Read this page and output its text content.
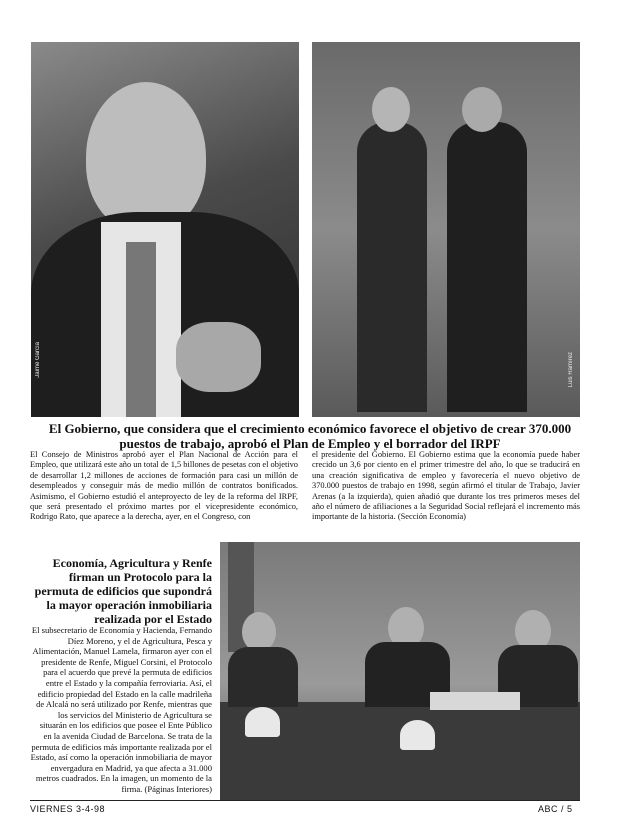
Jaime García	Luis Ramírez
El Gobierno, que considera que el crecimiento económico favorece el objetivo de crear 370.000 puestos de trabajo, aprobó el Plan de Empleo y el borrador del IRPF
El Consejo de Ministros aprobó ayer el Plan Nacional de Acción para el Empleo, que utilizará este año un total de 1,5 billones de pesetas con el objetivo de desarrollar 1,2 millones de acciones de formación para casi un millón de desempleados y conseguir más de medio millón de contratos bonificados. Asimismo, el Gobierno estudió el anteproyecto de ley de la reforma del IRPF, que será presentado el próximo martes por el vicepresidente económico, Rodrigo Rato, que aparece a la derecha, ayer, en el Congreso, con
el presidente del Gobierno. El Gobierno estima que la economía puede haber crecido un 3,6 por ciento en el primer trimestre del año, lo que se traducirá en una creación significativa de empleo y favorecería el nuevo objetivo de 370.000 puestos de trabajo en 1998, según afirmó el titular de Trabajo, Javier Arenas (a la izquierda), quien añadió que durante los tres primeros meses del año el número de afiliaciones a la Seguridad Social reflejará el incremento más importante de la historia. (Sección Economía)
Economía, Agricultura y Renfe firman un Protocolo para la permuta de edificios que supondrá la mayor operación inmobiliaria realizada por el Estado
El subsecretario de Economía y Hacienda, Fernando Díez Moreno, y el de Agricultura, Pesca y Alimentación, Manuel Lamela, firmaron ayer con el presidente de Renfe, Miguel Corsini, el Protocolo para el acuerdo que prevé la permuta de edificios entre el Estado y la compañía ferroviaria. Así, el edificio propiedad del Estado en la calle madrileña de Alcalá no será utilizado por Renfe, mientras que los servicios del Ministerio de Agricultura se situarán en los edificios que posee el Ente Público en la avenida Ciudad de Barcelona. Se trata de la permuta de edificios más importante realizada por el Estado, así como la operación inmobiliaria de mayor envergadura en Madrid, ya que afecta a 31.000 metros cuadrados. En la imagen, un momento de la firma. (Páginas Interiores)
VIERNES 3-4-98	ABC / 5
